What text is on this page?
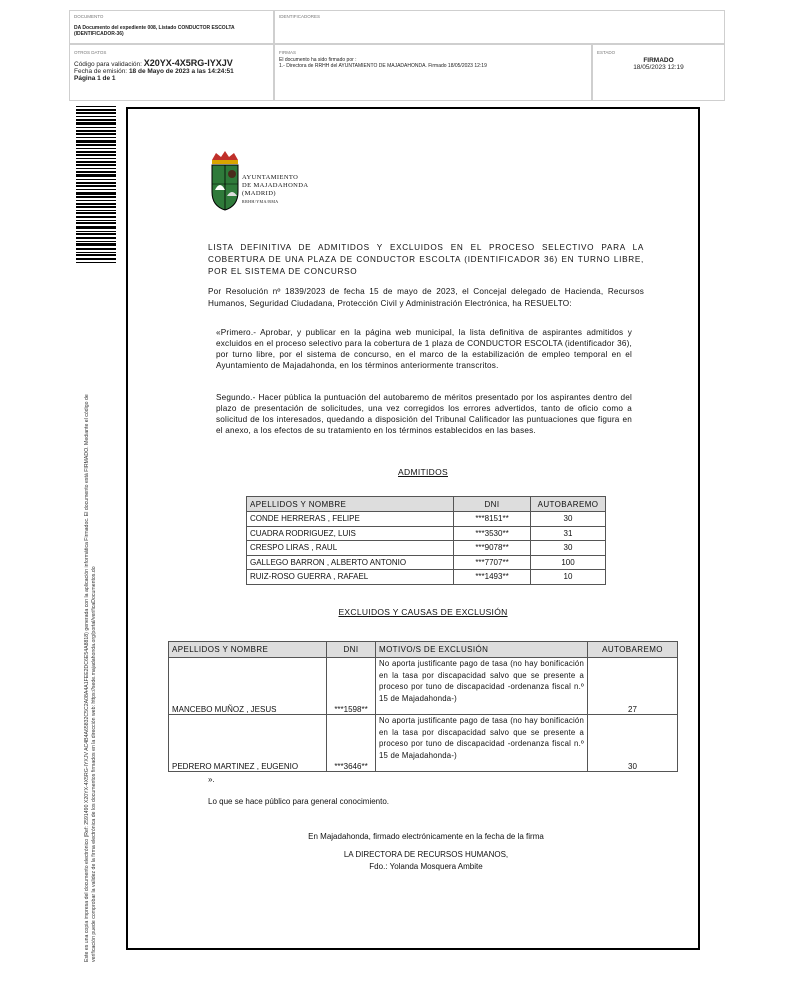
DOCUMENTO
DA Documento del expediente 008, Listado CONDUCTOR ESCOLTA (IDENTIFICADOR-36)
IDENTIFICADORES
OTROS DATOS
Código para validación: X20YX-4X5RG-IYXJV
Fecha de emisión: 18 de Mayo de 2023 a las 14:24:51
Página 1 de 1
FIRMAS
El documento ha sido firmado por :
1.- Directora de RRHH del AYUNTAMIENTO DE MAJADAHONDA. Firmado 18/05/2023 12:19
ESTADO
FIRMADO
18/05/2023 12:19
Este es una copia impresa del documento electrónico (Ref: 2591490 X20YX-4X5RG-IYXJV AC4B4A65832C5C2A08A4A1FEE2DC6E54A8818) generada con la aplicación informática Firmadoc. El documento está FIRMADO. Mediante el código de verificación puede comprobar la validez de la firma electrónica de los documentos firmados en la dirección web: https://sede.majadahonda.org/portal/verificaDocumentos.do
AYUNTAMIENTO
DE MAJADAHONDA
(MADRID)
RRHH/YMA/BMA
LISTA DEFINITIVA DE ADMITIDOS Y EXCLUIDOS EN EL PROCESO SELECTIVO PARA LA COBERTURA DE UNA PLAZA DE CONDUCTOR ESCOLTA (IDENTIFICADOR 36) EN TURNO LIBRE, POR EL SISTEMA DE CONCURSO
Por Resolución nº 1839/2023 de fecha 15 de mayo de 2023, el Concejal delegado de Hacienda, Recursos Humanos, Seguridad Ciudadana, Protección Civil y Administración Electrónica, ha RESUELTO:
«Primero.- Aprobar, y publicar en la página web municipal, la lista definitiva de aspirantes admitidos y excluidos en el proceso selectivo para la cobertura de 1 plaza de CONDUCTOR ESCOLTA (identificador 36), por turno libre, por el sistema de concurso, en el marco de la estabilización de empleo temporal en el Ayuntamiento de Majadahonda, en los términos anteriormente transcritos.
Segundo.- Hacer pública la puntuación del autobaremo de méritos presentado por los aspirantes dentro del plazo de presentación de solicitudes, una vez corregidos los errores advertidos, tanto de oficio como a solicitud de los interesados, quedando a disposición del Tribunal Calificador las puntuaciones que figura en el anexo, a los efectos de su tratamiento en los términos establecidos en las bases.
ADMITIDOS
APELLIDOS Y NOMBRE	DNI	AUTOBAREMO
CONDE HERRERAS , FELIPE	***8151**	30
CUADRA RODRIGUEZ, LUIS	***3530**	31
CRESPO LIRAS , RAUL	***9078**	30
GALLEGO BARRON , ALBERTO ANTONIO	***7707**	100
RUIZ-ROSO GUERRA , RAFAEL	***1493**	10
EXCLUIDOS Y CAUSAS DE EXCLUSIÓN
APELLIDOS Y NOMBRE	DNI	MOTIVO/S DE EXCLUSIÓN	AUTOBAREMO
MANCEBO MUÑOZ , JESUS	***1598**	No aporta justificante pago de tasa (no hay bonificación en la tasa por discapacidad salvo que se presente a proceso por tuno de discapacidad -ordenanza fiscal n.º 15 de Majadahonda-)	27
PEDRERO MARTINEZ , EUGENIO	***3646**	No aporta justificante pago de tasa (no hay bonificación en la tasa por discapacidad salvo que se presente a proceso por tuno de discapacidad -ordenanza fiscal n.º 15 de Majadahonda-)	30
».
Lo que se hace público para general conocimiento.
En Majadahonda, firmado electrónicamente en la fecha de la firma
LA DIRECTORA DE RECURSOS HUMANOS,
Fdo.: Yolanda Mosquera Ambite
